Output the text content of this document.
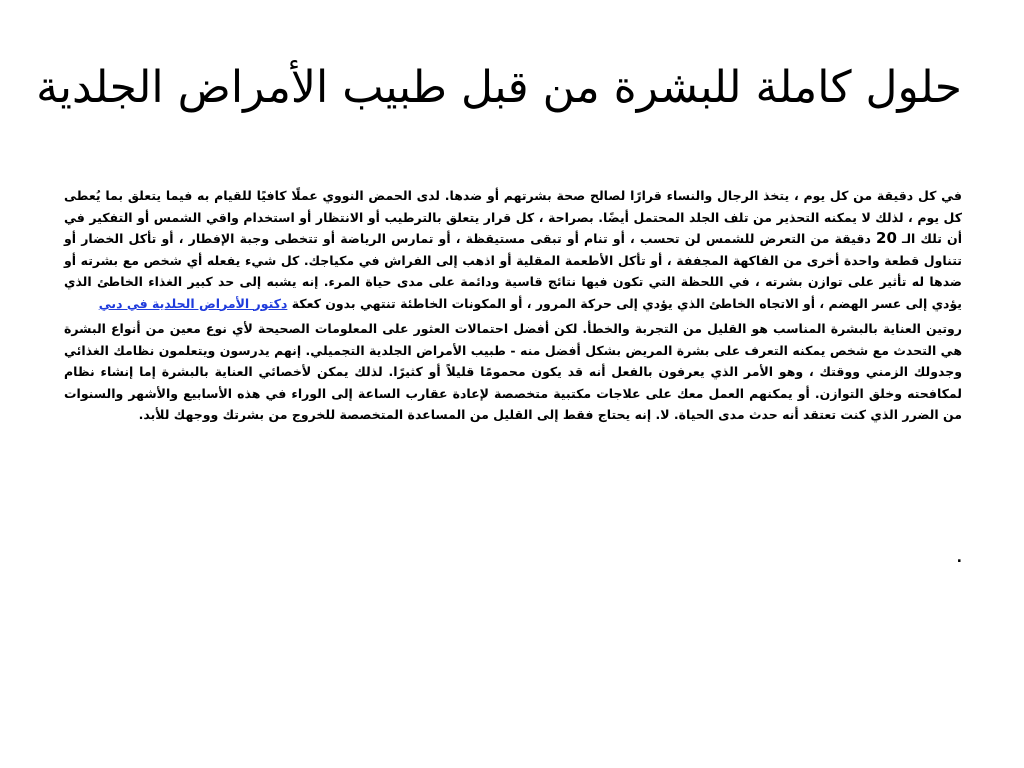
حلول كاملة للبشرة من قبل طبيب الأمراض الجلدية

في كل دقيقة من كل يوم ، يتخذ الرجال والنساء قرارًا لصالح صحة بشرتهم أو ضدها. لدى الحمض النووي عملًا كافيًا للقيام به فيما يتعلق بما يُعطى كل يوم ، لذلك لا يمكنه التحذير من تلف الجلد المحتمل أيضًا. بصراحة ، كل قرار يتعلق بالترطيب أو الانتظار أو استخدام واقي الشمس أو التفكير في أن تلك الـ 20 دقيقة من التعرض للشمس لن تحسب ، أو تنام أو تبقى مستيقظة ، أو تمارس الرياضة أو تتخطى وجبة الإفطار ، أو تأكل الخضار أو تتناول قطعة واحدة أخرى من الفاكهة المجففة ، أو تأكل الأطعمة المقلية أو اذهب إلى الفراش في مكياجك. كل شيء يفعله أي شخص مع بشرته أو ضدها له تأثير على توازن بشرته ، في اللحظة التي تكون فيها نتائج قاسية ودائمة على مدى حياة المرء. إنه يشبه إلى حد كبير الغذاء الخاطئ الذي يؤدي إلى عسر الهضم ، أو الاتجاه الخاطئ الذي يؤدي إلى حركة المرور ، أو المكونات الخاطئة تنتهي بدون كعكة دكتور الأمراض الجلدية في دبي

روتين العناية بالبشرة المناسب هو القليل من التجربة والخطأ. لكن أفضل احتمالات العثور على المعلومات الصحيحة لأي نوع معين من أنواع البشرة هي التحدث مع شخص يمكنه التعرف على بشرة المريض بشكل أفضل منه - طبيب الأمراض الجلدية التجميلي. إنهم يدرسون ويتعلمون نظامك الغذائي وجدولك الزمني ووقتك ، وهو الأمر الذي يعرفون بالفعل أنه قد يكون محمومًا قليلاً أو كثيرًا. لذلك يمكن لأخصائي العناية بالبشرة إما إنشاء نظام لمكافحته وخلق التوازن. أو يمكنهم العمل معك على علاجات مكتبية متخصصة لإعادة عقارب الساعة إلى الوراء في هذه الأسابيع والأشهر والسنوات من الضرر الذي كنت تعتقد أنه حدث مدى الحياة. لا. إنه يحتاج فقط إلى القليل من المساعدة المتخصصة للخروج من بشرتك ووجهك للأبد.

.
